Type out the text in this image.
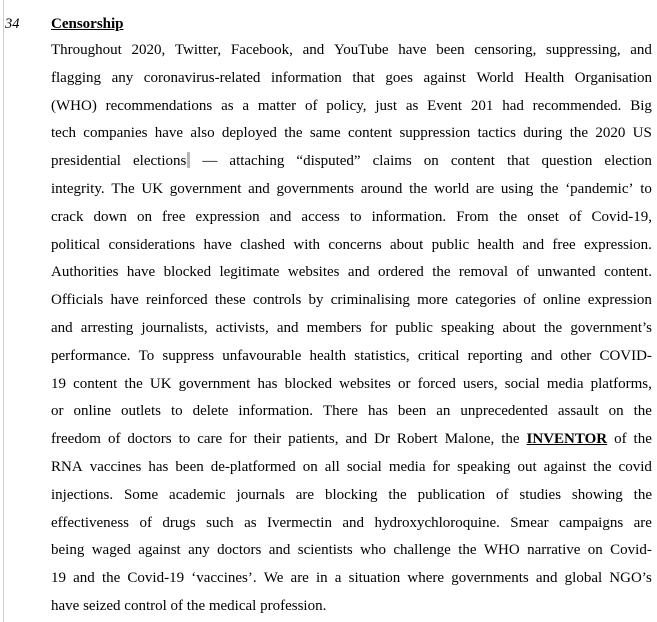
34 Censorship
Throughout 2020, Twitter, Facebook, and YouTube have been censoring, suppressing, and
flagging any coronavirus-related information that goes against World Health Organisation
(WHO) recommendations as a matter of policy, just as Event 201 had recommended. Big
tech companies have also deployed the same content suppression tactics during the 2020 US
presidential elections — attaching “disputed” claims on content that question election
integrity. The UK government and governments around the world are using the ‘pandemic’ to
crack down on free expression and access to information. From the onset of Covid-19,
political considerations have clashed with concerns about public health and free expression.
Authorities have blocked legitimate websites and ordered the removal of unwanted content.
Officials have reinforced these controls by criminalising more categories of online expression
and arresting journalists, activists, and members for public speaking about the government’s
performance. To suppress unfavourable health statistics, critical reporting and other COVID-
19 content the UK government has blocked websites or forced users, social media platforms,
or online outlets to delete information. There has been an unprecedented assault on the
freedom of doctors to care for their patients, and Dr Robert Malone, the INVENTOR of the
RNA vaccines has been de-platformed on all social media for speaking out against the covid
injections. Some academic journals are blocking the publication of studies showing the
effectiveness of drugs such as Ivermectin and hydroxychloroquine. Smear campaigns are
being waged against any doctors and scientists who challenge the WHO narrative on Covid-
19 and the Covid-19 ‘vaccines’. We are in a situation where governments and global NGO’s
have seized control of the medical profession.
